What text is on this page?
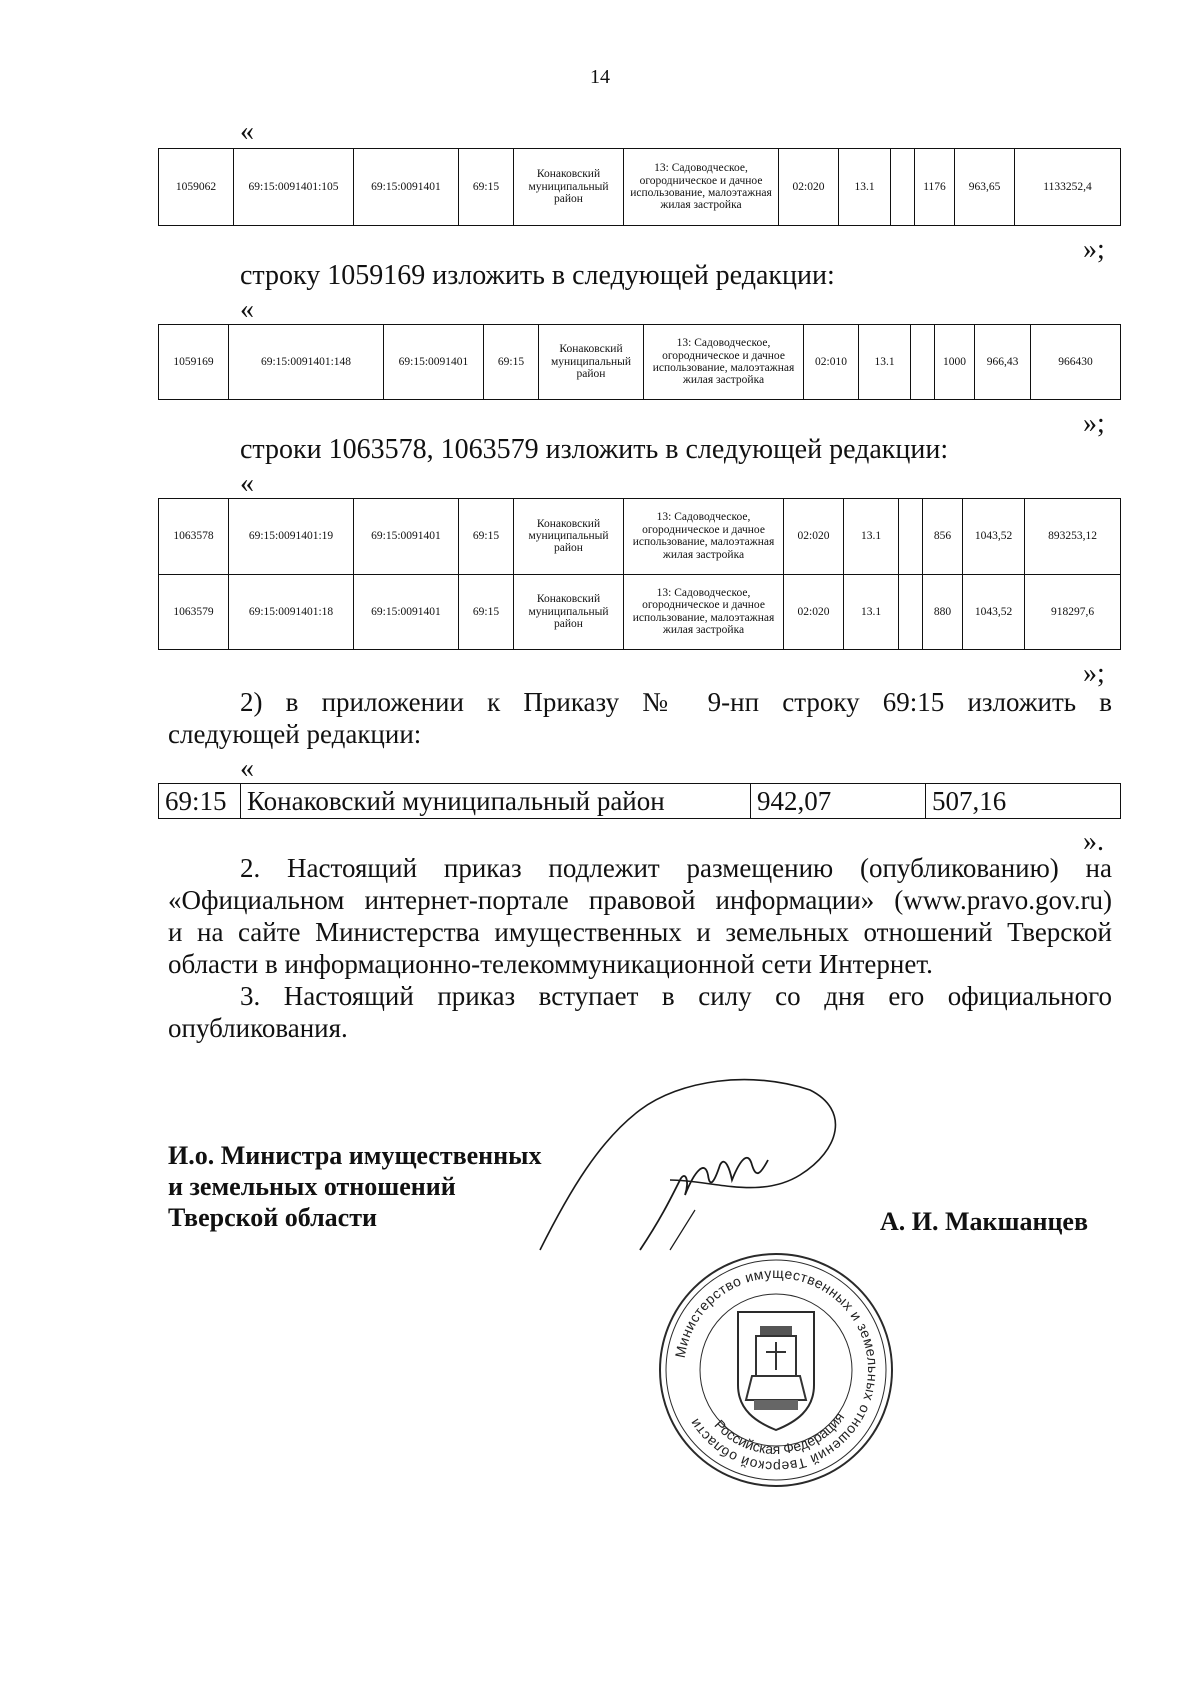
14
«
1059062	69:15:0091401:105	69:15:0091401	69:15	Конаковский муниципальный район	13: Садоводческое, огородническое и дачное использование, малоэтажная жилая застройка	02:020	13.1		1176	963,65	1133252,4
»;
строку 1059169 изложить в следующей редакции:
«
1059169	69:15:0091401:148	69:15:0091401	69:15	Конаковский муниципальный район	13: Садоводческое, огородническое и дачное использование, малоэтажная жилая застройка	02:010	13.1		1000	966,43	966430
»;
строки 1063578, 1063579 изложить в следующей редакции:
«
1063578	69:15:0091401:19	69:15:0091401	69:15	Конаковский муниципальный район	13: Садоводческое, огородническое и дачное использование, малоэтажная жилая застройка	02:020	13.1		856	1043,52	893253,12
1063579	69:15:0091401:18	69:15:0091401	69:15	Конаковский муниципальный район	13: Садоводческое, огородническое и дачное использование, малоэтажная жилая застройка	02:020	13.1		880	1043,52	918297,6
»;
2) в приложении к Приказу № 9-нп строку 69:15 изложить в
следующей редакции:
«
69:15	Конаковский муниципальный район	942,07	507,16
».
2. Настоящий приказ подлежит размещению (опубликованию) на
«Официальном интернет-портале правовой информации» (www.pravo.gov.ru)
и на сайте Министерства имущественных и земельных отношений Тверской
области в информационно-телекоммуникационной сети Интернет.
3. Настоящий приказ вступает в силу со дня его официального
опубликования.
И.о. Министра имущественных
и земельных отношений
Тверской области	А. И. Макшанцев
Министерство имущественных и земельных отношений Тверской области Российская Федерация
